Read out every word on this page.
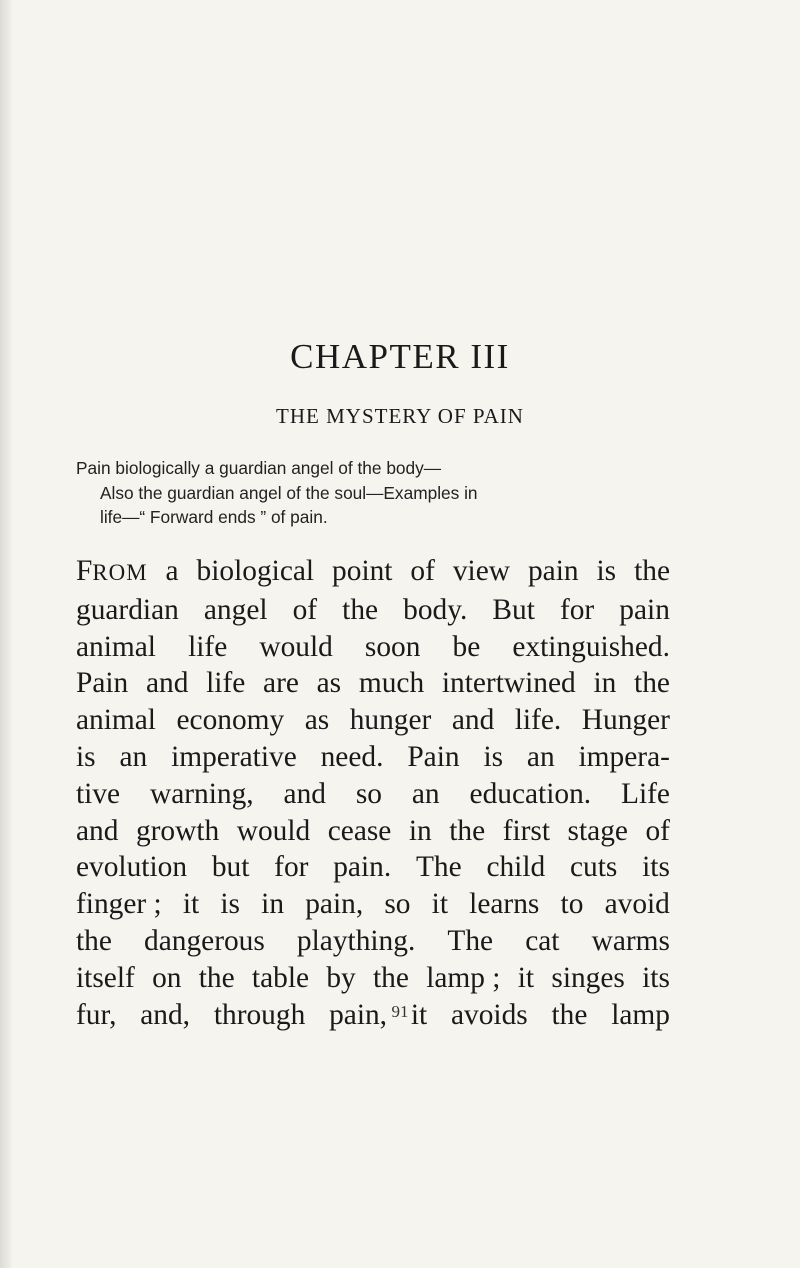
CHAPTER III
THE MYSTERY OF PAIN
Pain biologically a guardian angel of the body—
Also the guardian angel of the soul—Examples in
life—“ Forward ends ” of pain.
FROM a biological point of view pain is the
guardian angel of the body. But for pain
animal life would soon be extinguished.
Pain and life are as much intertwined in the
animal economy as hunger and life. Hunger
is an imperative need. Pain is an impera-
tive warning, and so an education. Life
and growth would cease in the first stage of
evolution but for pain. The child cuts its
finger ; it is in pain, so it learns to avoid
the dangerous plaything. The cat warms
itself on the table by the lamp ; it singes its
fur, and, through pain, it avoids the lamp
91
